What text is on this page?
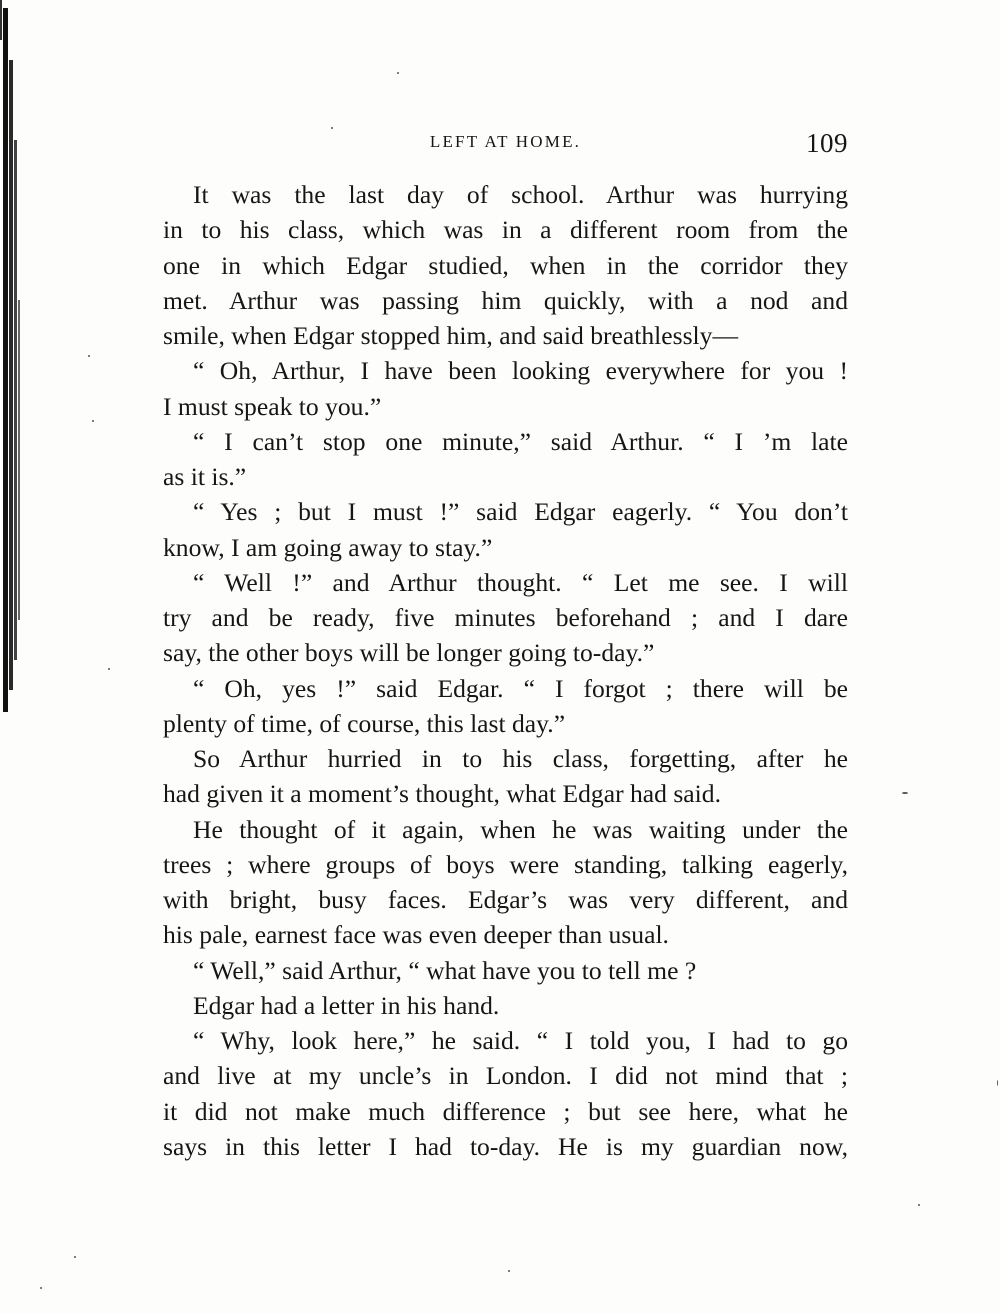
LEFT AT HOME.	109
It was the last day of school. Arthur was hurrying
in to his class, which was in a different room from the
one in which Edgar studied, when in the corridor they
met. Arthur was passing him quickly, with a nod and
smile, when Edgar stopped him, and said breathlessly—
“ Oh, Arthur, I have been looking everywhere for you !
I must speak to you.”
“ I can’t stop one minute,” said Arthur. “ I ’m late
as it is.”
“ Yes ; but I must !” said Edgar eagerly. “ You don’t
know, I am going away to stay.”
“ Well !” and Arthur thought. “ Let me see. I will
try and be ready, five minutes beforehand ; and I dare
say, the other boys will be longer going to-day.”
“ Oh, yes !” said Edgar. “ I forgot ; there will be
plenty of time, of course, this last day.”
So Arthur hurried in to his class, forgetting, after he
had given it a moment’s thought, what Edgar had said.
He thought of it again, when he was waiting under the
trees ; where groups of boys were standing, talking eagerly,
with bright, busy faces. Edgar’s was very different, and
his pale, earnest face was even deeper than usual.
“ Well,” said Arthur, “ what have you to tell me ?
Edgar had a letter in his hand.
“ Why, look here,” he said. “ I told you, I had to go
and live at my uncle’s in London. I did not mind that ;
it did not make much difference ; but see here, what he
says in this letter I had to-day. He is my guardian now,
